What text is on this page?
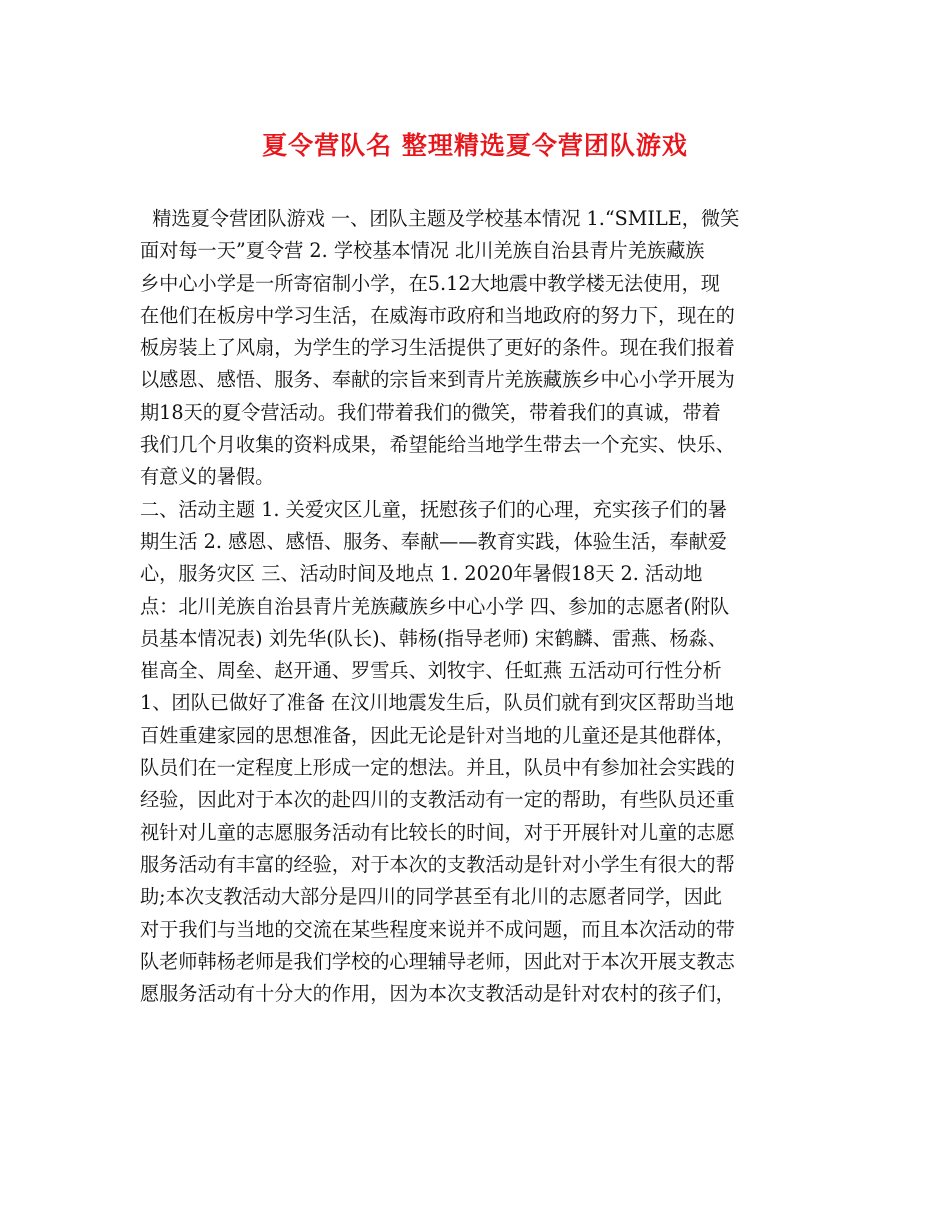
夏令营队名 整理精选夏令营团队游戏
精选夏令营团队游戏 一、团队主题及学校基本情况 1.“SMILE，微笑
面对每一天”夏令营 2. 学校基本情况 北川羌族自治县青片羌族藏族
乡中心小学是一所寄宿制小学，在5.12大地震中教学楼无法使用，现
在他们在板房中学习生活，在威海市政府和当地政府的努力下，现在的
板房装上了风扇，为学生的学习生活提供了更好的条件。现在我们报着
以感恩、感悟、服务、奉献的宗旨来到青片羌族藏族乡中心小学开展为
期18天的夏令营活动。我们带着我们的微笑，带着我们的真诚，带着
我们几个月收集的资料成果，希望能给当地学生带去一个充实、快乐、
有意义的暑假。
二、活动主题 1. 关爱灾区儿童，抚慰孩子们的心理，充实孩子们的暑
期生活 2. 感恩、感悟、服务、奉献——教育实践，体验生活，奉献爱
心，服务灾区 三、活动时间及地点 1. 2020年暑假18天 2. 活动地
点：北川羌族自治县青片羌族藏族乡中心小学 四、参加的志愿者(附队
员基本情况表) 刘先华(队长)、韩杨(指导老师) 宋鹤麟、雷燕、杨淼、
崔高全、周垒、赵开通、罗雪兵、刘牧宇、任虹燕 五活动可行性分析
1、团队已做好了准备 在汶川地震发生后，队员们就有到灾区帮助当地
百姓重建家园的思想准备，因此无论是针对当地的儿童还是其他群体，
队员们在一定程度上形成一定的想法。并且，队员中有参加社会实践的
经验，因此对于本次的赴四川的支教活动有一定的帮助，有些队员还重
视针对儿童的志愿服务活动有比较长的时间，对于开展针对儿童的志愿
服务活动有丰富的经验，对于本次的支教活动是针对小学生有很大的帮
助;本次支教活动大部分是四川的同学甚至有北川的志愿者同学，因此
对于我们与当地的交流在某些程度来说并不成问题，而且本次活动的带
队老师韩杨老师是我们学校的心理辅导老师，因此对于本次开展支教志
愿服务活动有十分大的作用，因为本次支教活动是针对农村的孩子们，
